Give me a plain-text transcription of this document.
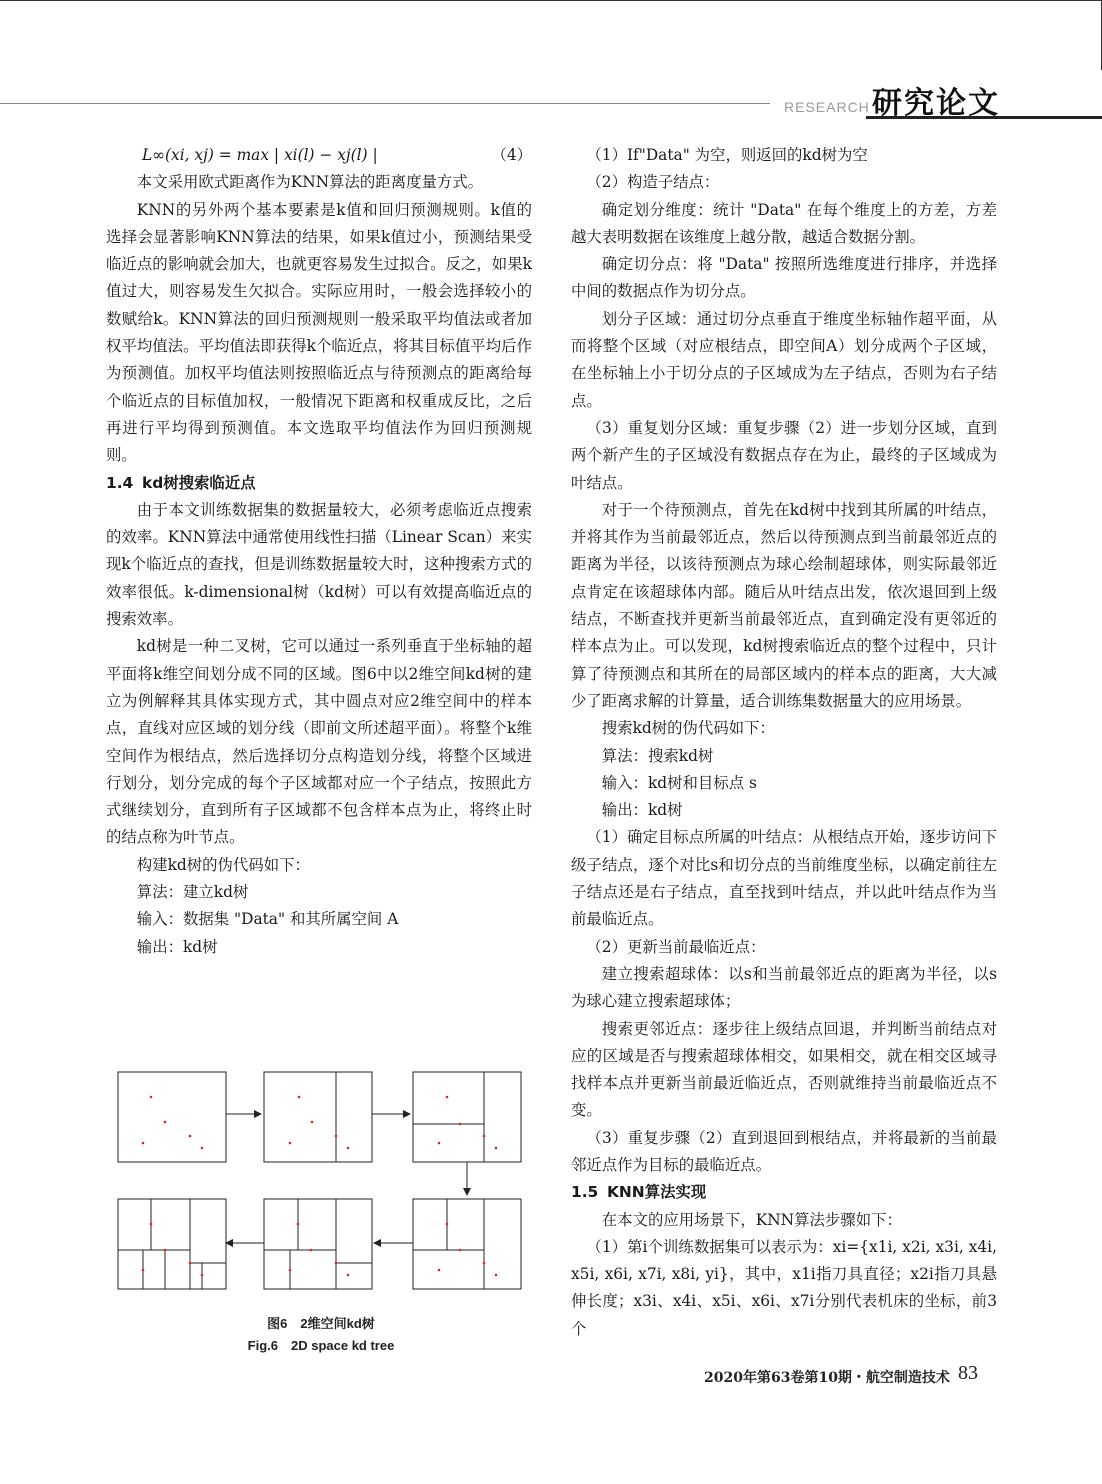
RESEARCH 研究论文
L∞(xi, xj) = max | xi(l) − xj(l) |	（4）

本文采用欧式距离作为KNN算法的距离度量方式。

KNN的另外两个基本要素是k值和回归预测规则。k值的选择会显著影响KNN算法的结果，如果k值过小，预测结果受临近点的影响就会加大，也就更容易发生过拟合。反之，如果k值过大，则容易发生欠拟合。实际应用时，一般会选择较小的数赋给k。KNN算法的回归预测规则一般采取平均值法或者加权平均值法。平均值法即获得k个临近点，将其目标值平均后作为预测值。加权平均值法则按照临近点与待预测点的距离给每个临近点的目标值加权，一般情况下距离和权重成反比，之后再进行平均得到预测值。本文选取平均值法作为回归预测规则。

1.4 kd树搜索临近点

由于本文训练数据集的数据量较大，必须考虑临近点搜索的效率。KNN算法中通常使用线性扫描（Linear Scan）来实现k个临近点的查找，但是训练数据量较大时，这种搜索方式的效率很低。k-dimensional树（kd树）可以有效提高临近点的搜索效率。

kd树是一种二叉树，它可以通过一系列垂直于坐标轴的超平面将k维空间划分成不同的区域。图6中以2维空间kd树的建立为例解释其具体实现方式，其中圆点对应2维空间中的样本点，直线对应区域的划分线（即前文所述超平面）。将整个k维空间作为根结点，然后选择切分点构造划分线，将整个区域进行划分，划分完成的每个子区域都对应一个子结点，按照此方式继续划分，直到所有子区域都不包含样本点为止，将终止时的结点称为叶节点。

构建kd树的伪代码如下：

算法：建立kd树

输入：数据集 "Data" 和其所属空间 A

输出：kd树

图6　2维空间kd树
Fig.6　2D space kd tree

（1）If"Data" 为空，则返回的kd树为空

（2）构造子结点：

确定划分维度：统计 "Data" 在每个维度上的方差，方差越大表明数据在该维度上越分散，越适合数据分割。

确定切分点：将 "Data" 按照所选维度进行排序，并选择中间的数据点作为切分点。

划分子区域：通过切分点垂直于维度坐标轴作超平面，从而将整个区域（对应根结点，即空间A）划分成两个子区域，在坐标轴上小于切分点的子区域成为左子结点，否则为右子结点。

（3）重复划分区域：重复步骤（2）进一步划分区域，直到两个新产生的子区域没有数据点存在为止，最终的子区域成为叶结点。

对于一个待预测点，首先在kd树中找到其所属的叶结点，并将其作为当前最邻近点，然后以待预测点到当前最邻近点的距离为半径，以该待预测点为球心绘制超球体，则实际最邻近点肯定在该超球体内部。随后从叶结点出发，依次退回到上级结点，不断查找并更新当前最邻近点，直到确定没有更邻近的样本点为止。可以发现，kd树搜索临近点的整个过程中，只计算了待预测点和其所在的局部区域内的样本点的距离，大大减少了距离求解的计算量，适合训练集数据量大的应用场景。

搜索kd树的伪代码如下：

算法：搜索kd树

输入：kd树和目标点 s

输出：kd树

（1）确定目标点所属的叶结点：从根结点开始，逐步访问下级子结点，逐个对比s和切分点的当前维度坐标，以确定前往左子结点还是右子结点，直至找到叶结点，并以此叶结点作为当前最临近点。

（2）更新当前最临近点：

建立搜索超球体：以s和当前最邻近点的距离为半径，以s为球心建立搜索超球体；

搜索更邻近点：逐步往上级结点回退，并判断当前结点对应的区域是否与搜索超球体相交，如果相交，就在相交区域寻找样本点并更新当前最近临近点，否则就维持当前最临近点不变。

（3）重复步骤（2）直到退回到根结点，并将最新的当前最邻近点作为目标的最临近点。

1.5 KNN算法实现

在本文的应用场景下，KNN算法步骤如下：

（1）第i个训练数据集可以表示为：xi={x1i, x2i, x3i, x4i, x5i, x6i, x7i, x8i, yi}，其中，x1i指刀具直径；x2i指刀具悬伸长度；x3i、x4i、x5i、x6i、x7i分别代表机床的坐标，前3个

2020年第63卷第10期・航空制造技术 83
